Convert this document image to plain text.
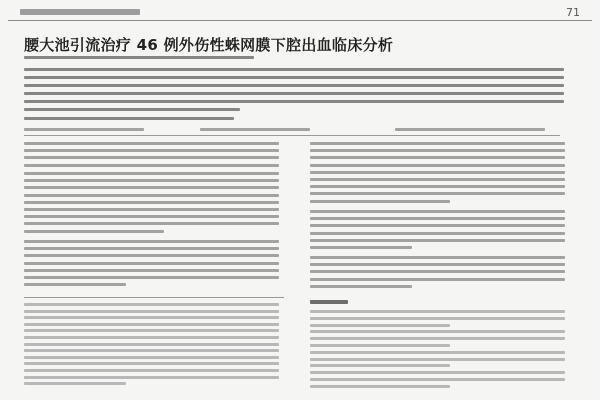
71
腰大池引流治疗 46 例外伤性蛛网膜下腔出血临床分析
